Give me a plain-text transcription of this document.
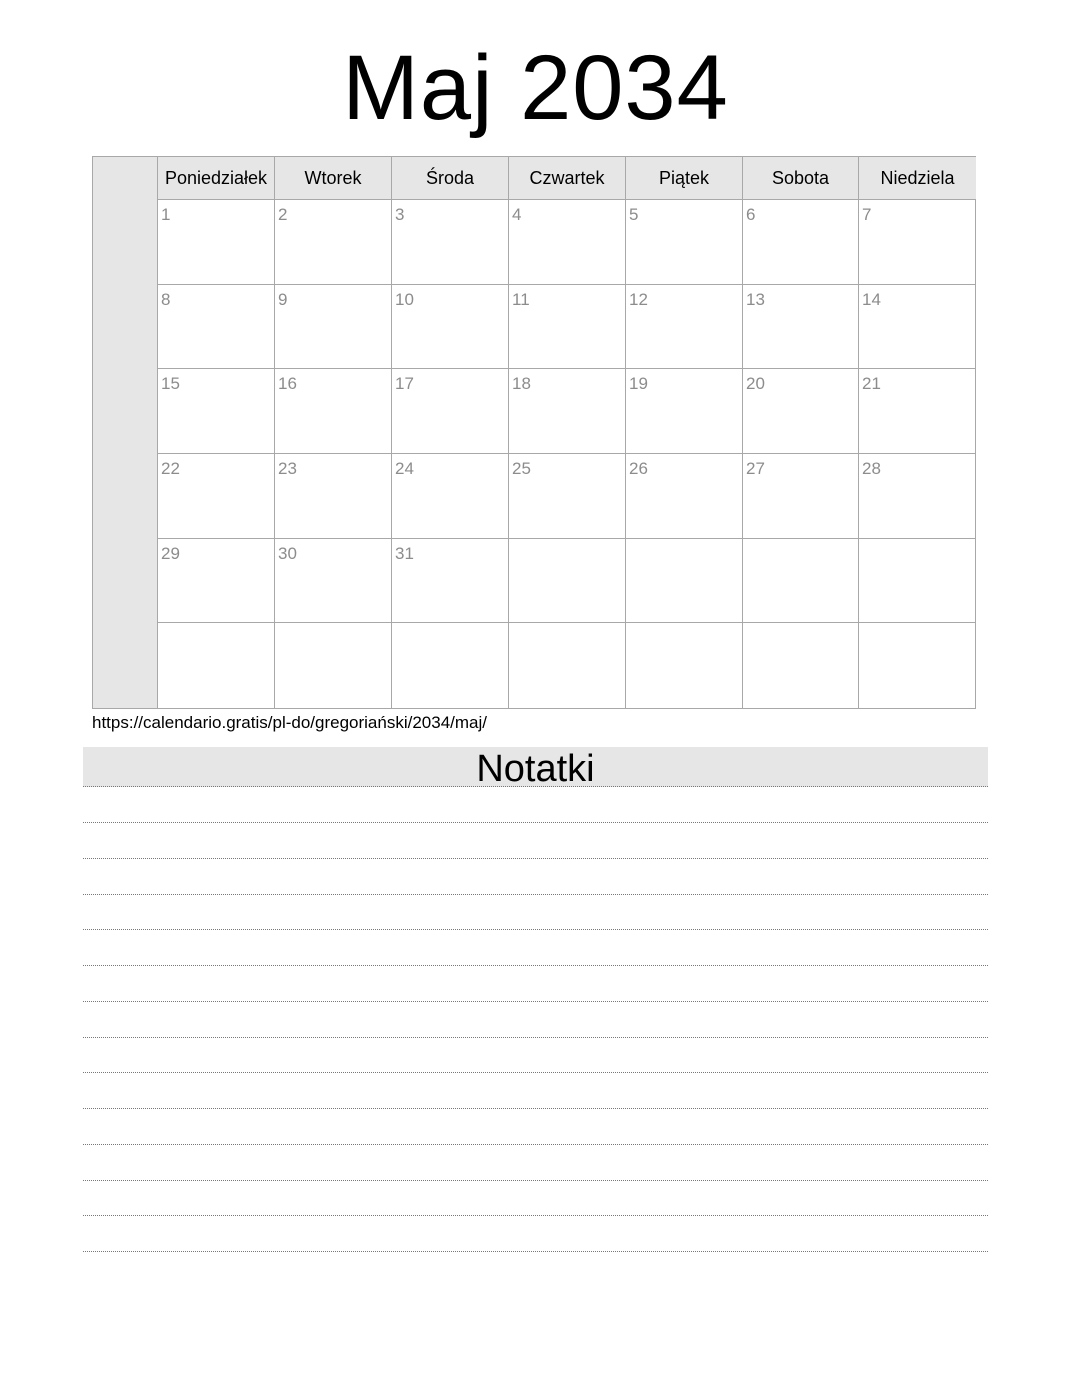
Maj 2034
Poniedziałek	Wtorek	Środa	Czwartek	Piątek	Sobota	Niedziela
1	2	3	4	5	6	7
8	9	10	11	12	13	14
15	16	17	18	19	20	21
22	23	24	25	26	27	28
29	30	31
https://calendario.gratis/pl-do/gregoriański/2034/maj/
Notatki
